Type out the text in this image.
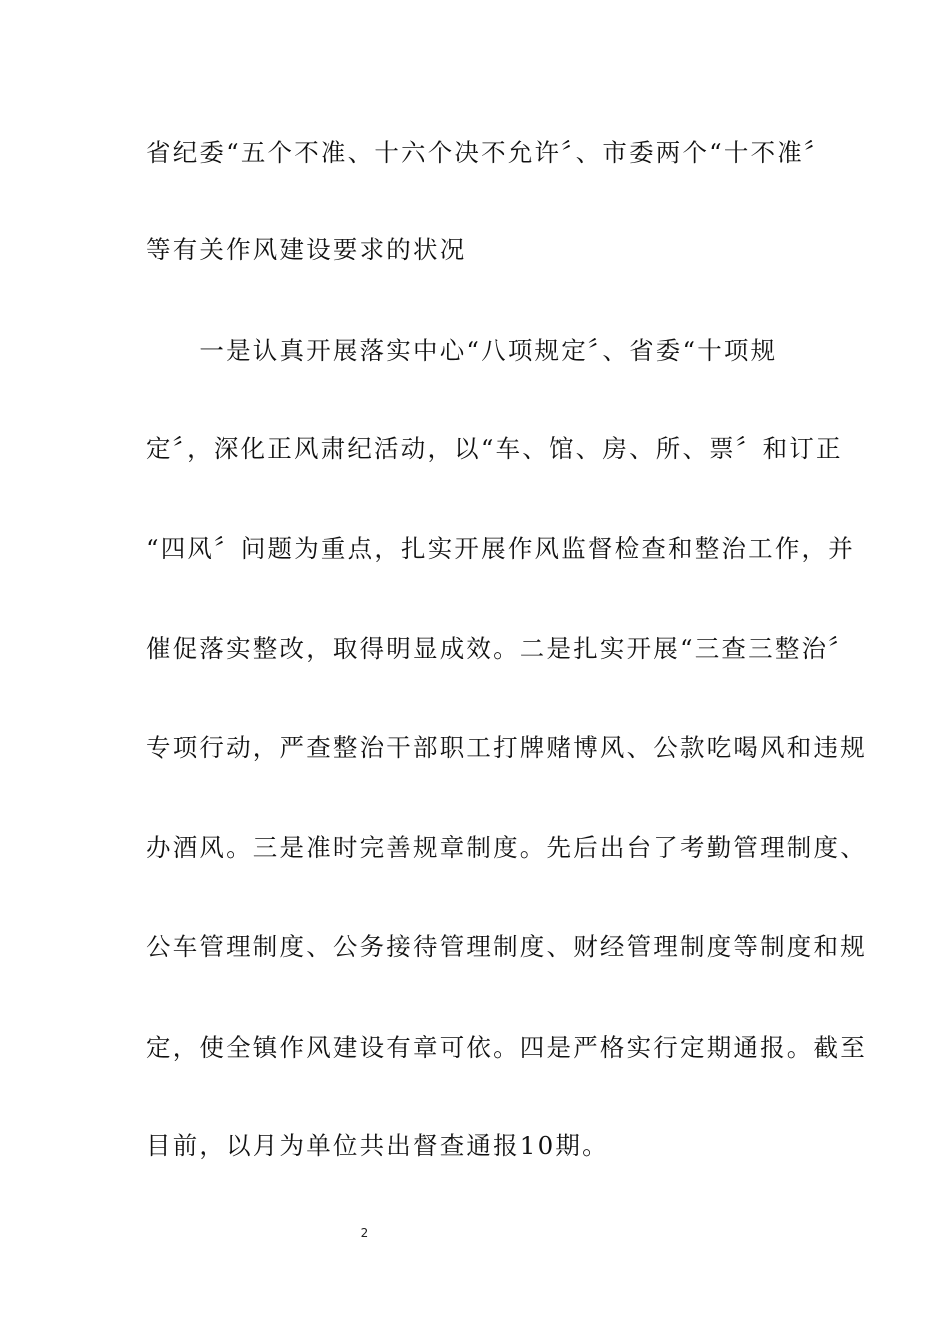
省纪委“五个不准、十六个决不允许〞、市委两个“十不准〞
等有关作风建设要求的状况
　　一是认真开展落实中心“八项规定〞、省委“十项规
定〞，深化正风肃纪活动，以“车、馆、房、所、票〞和订正
“四风〞问题为重点，扎实开展作风监督检查和整治工作，并
催促落实整改，取得明显成效。二是扎实开展“三查三整治〞
专项行动，严查整治干部职工打牌赌博风、公款吃喝风和违规
办酒风。三是准时完善规章制度。先后出台了考勤管理制度、
公车管理制度、公务接待管理制度、财经管理制度等制度和规
定，使全镇作风建设有章可依。四是严格实行定期通报。截至
目前，以月为单位共出督查通报10期。
2
